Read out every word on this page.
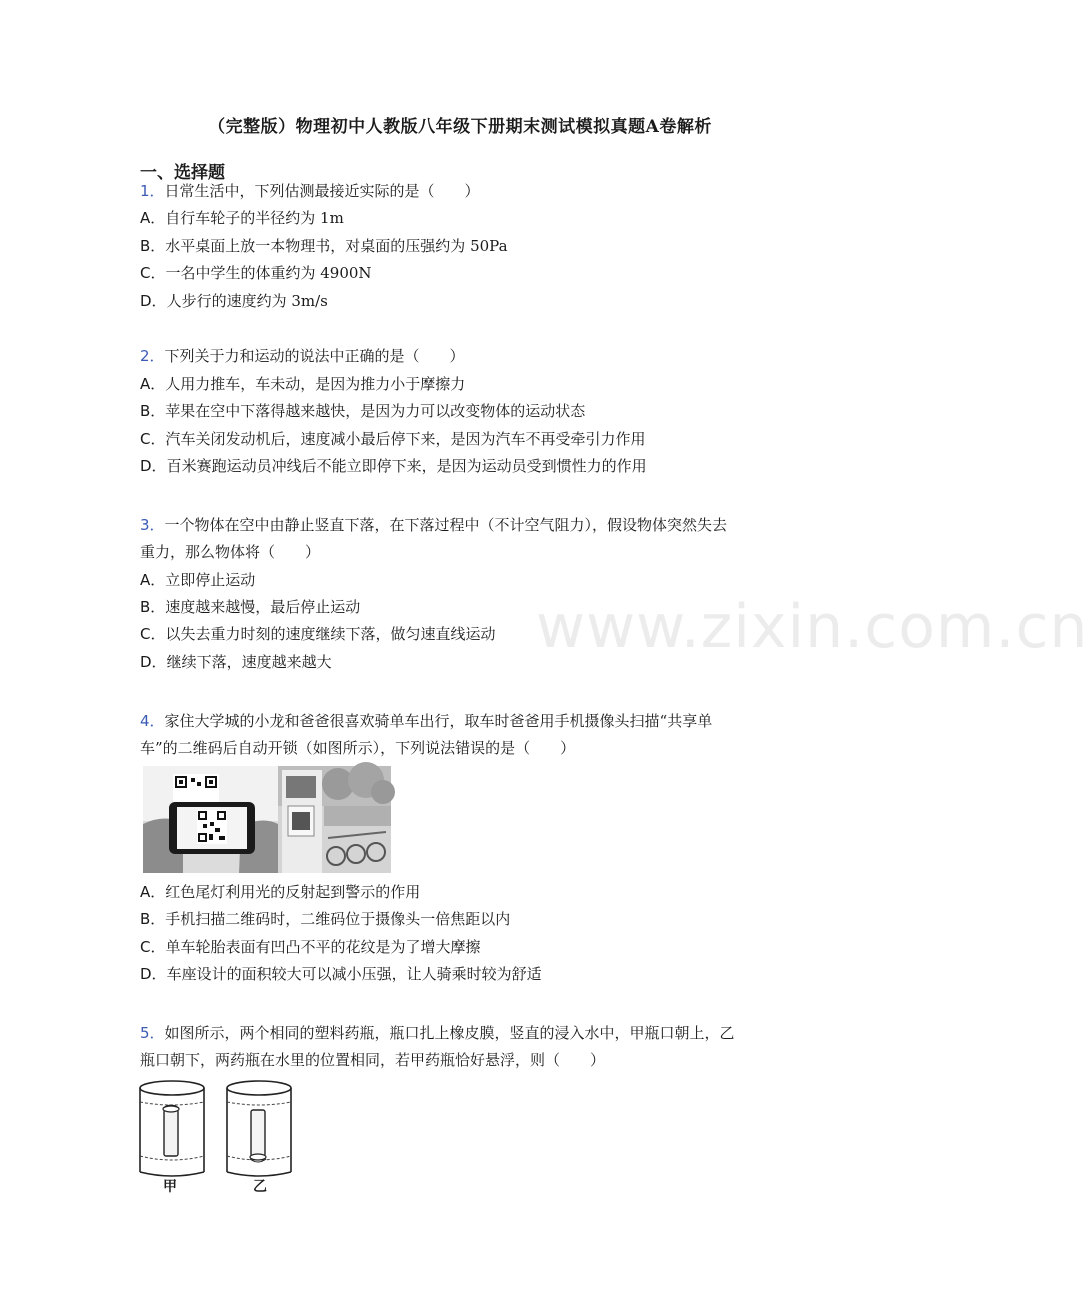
www.zixin.com.cn
（完整版）物理初中人教版八年级下册期末测试模拟真题A卷解析
一、选择题
1．日常生活中，下列估测最接近实际的是（　　）
A．自行车轮子的半径约为 1m
B．水平桌面上放一本物理书，对桌面的压强约为 50Pa
C．一名中学生的体重约为 4900N
D．人步行的速度约为 3m/s
2．下列关于力和运动的说法中正确的是（　　）
A．人用力推车，车未动，是因为推力小于摩擦力
B．苹果在空中下落得越来越快，是因为力可以改变物体的运动状态
C．汽车关闭发动机后，速度减小最后停下来，是因为汽车不再受牵引力作用
D．百米赛跑运动员冲线后不能立即停下来，是因为运动员受到惯性力的作用
3．一个物体在空中由静止竖直下落，在下落过程中（不计空气阻力），假设物体突然失去
重力，那么物体将（　　）
A．立即停止运动
B．速度越来越慢，最后停止运动
C．以失去重力时刻的速度继续下落，做匀速直线运动
D．继续下落，速度越来越大
4．家住大学城的小龙和爸爸很喜欢骑单车出行，取车时爸爸用手机摄像头扫描“共享单
车”的二维码后自动开锁（如图所示），下列说法错误的是（　　）
A．红色尾灯利用光的反射起到警示的作用
B．手机扫描二维码时，二维码位于摄像头一倍焦距以内
C．单车轮胎表面有凹凸不平的花纹是为了增大摩擦
D．车座设计的面积较大可以减小压强，让人骑乘时较为舒适
5．如图所示，两个相同的塑料药瓶，瓶口扎上橡皮膜，竖直的浸入水中，甲瓶口朝上，乙
瓶口朝下，两药瓶在水里的位置相同，若甲药瓶恰好悬浮，则（　　）
甲	乙
